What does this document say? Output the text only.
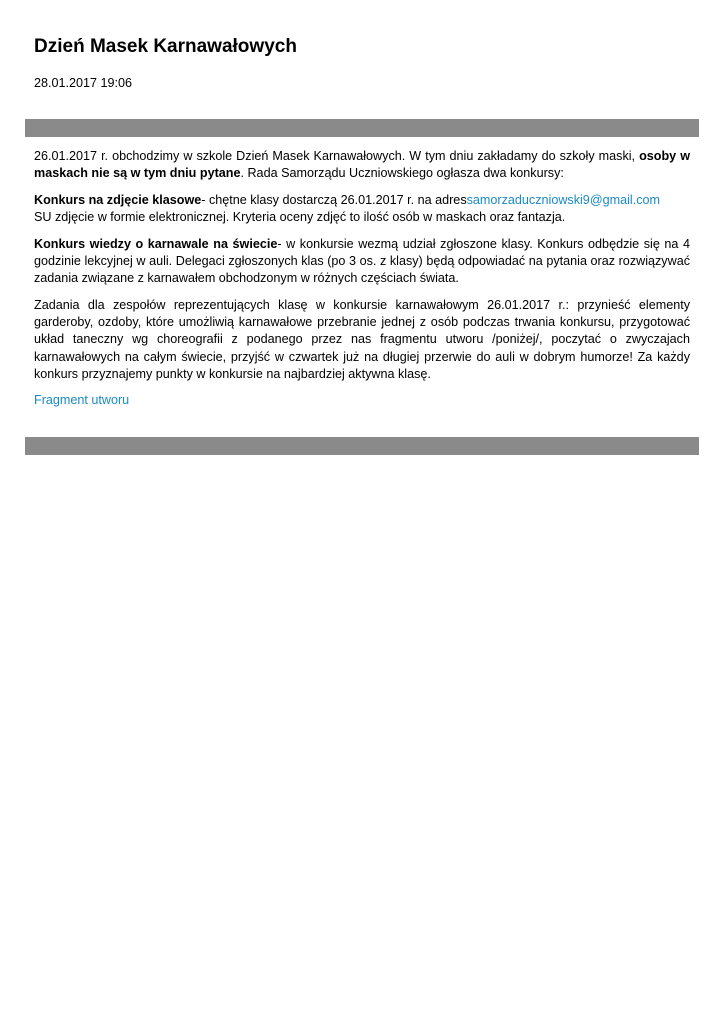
Dzień Masek Karnawałowych
28.01.2017 19:06

26.01.2017 r. obchodzimy w szkole Dzień Masek Karnawałowych. W tym dniu zakładamy do szkoły maski, osoby w maskach nie są w tym dniu pytane. Rada Samorządu Uczniowskiego ogłasza dwa konkursy:

Konkurs na zdjęcie klasowe- chętne klasy dostarczą 26.01.2017 r. na adressamorzaduczniowski9@gmail.com
SU zdjęcie w formie elektronicznej. Kryteria oceny zdjęć to ilość osób w maskach oraz fantazja.

Konkurs wiedzy o karnawale na świecie- w konkursie wezmą udział zgłoszone klasy. Konkurs odbędzie się na 4 godzinie lekcyjnej w auli. Delegaci zgłoszonych klas (po 3 os. z klasy) będą odpowiadać na pytania oraz rozwiązywać zadania związane z karnawałem obchodzonym w różnych częściach świata.

Zadania dla zespołów reprezentujących klasę w konkursie karnawałowym 26.01.2017 r.: przynieść elementy garderoby, ozdoby, które umożliwią karnawałowe przebranie jednej z osób podczas trwania konkursu, przygotować układ taneczny wg choreografii z podanego przez nas fragmentu utworu /poniżej/, poczytać o zwyczajach karnawałowych na całym świecie, przyjść w czwartek już na długiej przerwie do auli w dobrym humorze! Za każdy konkurs przyznajemy punkty w konkursie na najbardziej aktywna klasę.

Fragment utworu
